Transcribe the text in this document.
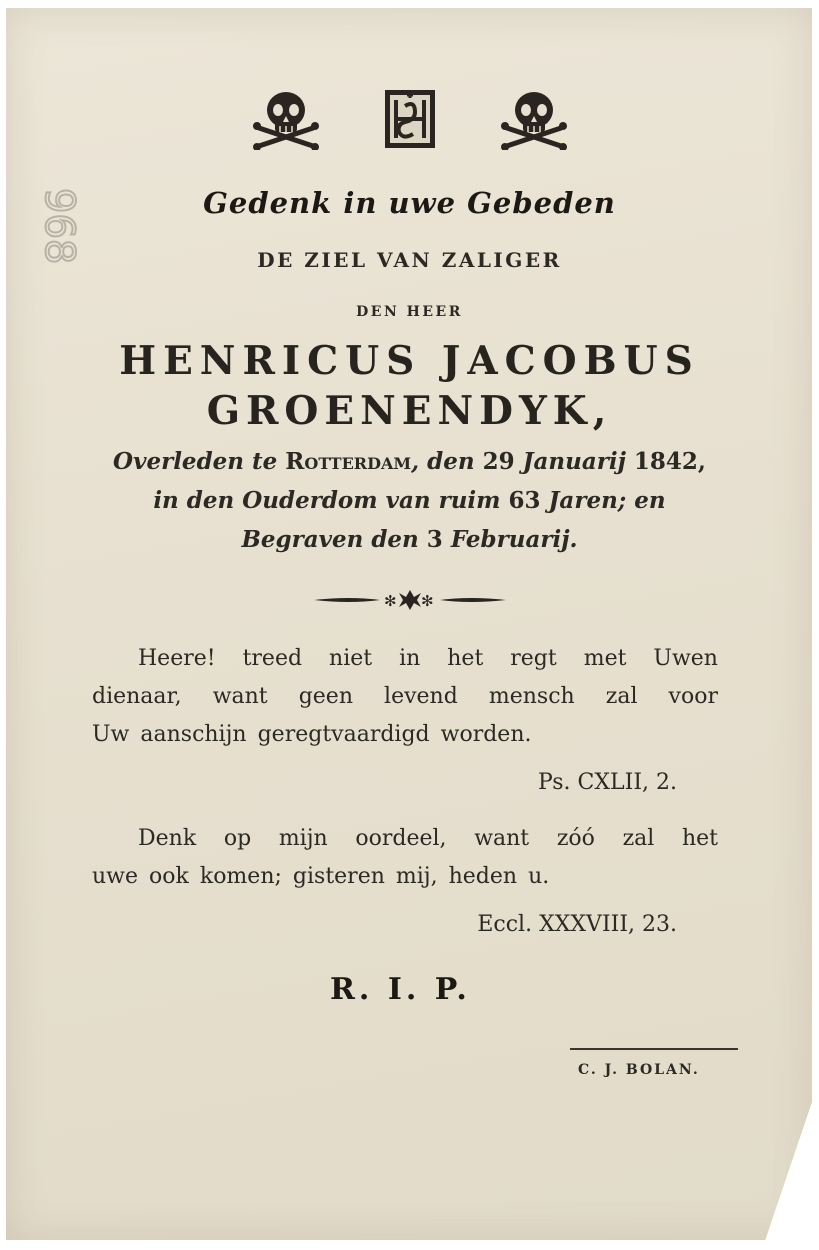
968	Gedenk in uwe Gebeden
DE ZIEL VAN ZALIGER
DEN HEER
HENRICUS JACOBUS
GROENENDYK,
Overleden te Rotterdam, den 29 Januarij 1842,
in den Ouderdom van ruim 63 Jaren; en
Begraven den 3 Februarij.
✻ ✻
Heere! treed niet in het regt met Uwen
dienaar, want geen levend mensch zal voor
Uw aanschijn geregtvaardigd worden.
Ps. CXLII, 2.
Denk op mijn oordeel, want zóó zal het
uwe ook komen; gisteren mij, heden u.
Eccl. XXXVIII, 23.
R. I. P.
C. J. BOLAN.
